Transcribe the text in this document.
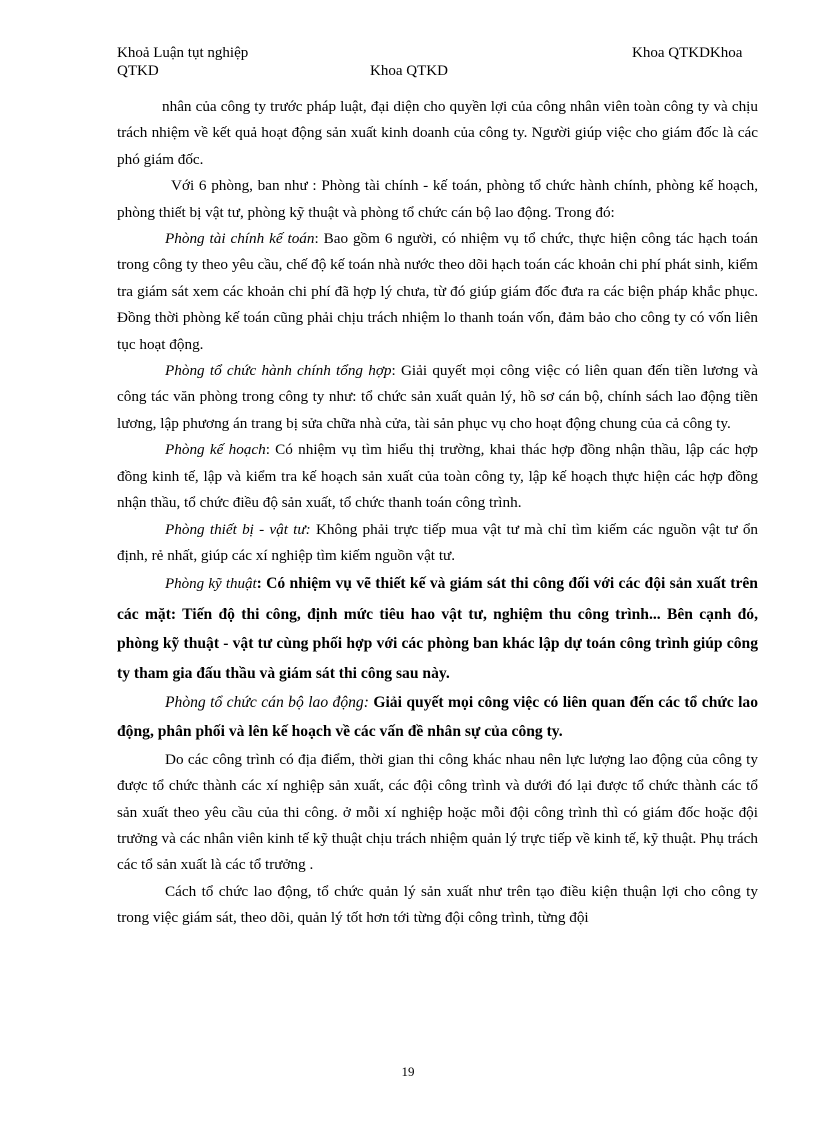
Khoả Luận tụt nghiệp
QTKD	Khoa QTKD
Khoa QTKDKhoa

nhân của công ty trước pháp luật, đại diện cho quyền lợi của công nhân viên toàn công ty và chịu trách nhiệm về kết quả hoạt động sản xuất kinh doanh của công ty. Người giúp việc cho giám đốc là các phó giám đốc.

Với 6 phòng, ban như : Phòng tài chính - kế toán, phòng tổ chức hành chính, phòng kế hoạch, phòng thiết bị vật tư, phòng kỹ thuật và phòng tổ chức cán bộ lao động. Trong đó:

Phòng tài chính kế toán: Bao gồm 6 người, có nhiệm vụ tổ chức, thực hiện công tác hạch toán trong công ty theo yêu cầu, chế độ kế toán nhà nước theo dõi hạch toán các khoản chi phí phát sinh, kiểm tra giám sát xem các khoản chi phí đã hợp lý chưa, từ đó giúp giám đốc đưa ra các biện pháp khắc phục. Đồng thời phòng kế toán cũng phải chịu trách nhiệm lo thanh toán vốn, đảm bảo cho công ty có vốn liên tục hoạt động.

Phòng tổ chức hành chính tổng hợp: Giải quyết mọi công việc có liên quan đến tiền lương và công tác văn phòng trong công ty như: tổ chức sản xuất quản lý, hồ sơ cán bộ, chính sách lao động tiền lương, lập phương án trang bị sửa chữa nhà cửa, tài sản phục vụ cho hoạt động chung của cả công ty.

Phòng kế hoạch: Có nhiệm vụ tìm hiểu thị trường, khai thác hợp đồng nhận thầu, lập các hợp đồng kinh tế, lập và kiểm tra kế hoạch sản xuất của toàn công ty, lập kế hoạch thực hiện các hợp đồng nhận thầu, tổ chức điều độ sản xuất, tổ chức thanh toán công trình.

Phòng thiết bị - vật tư: Không phải trực tiếp mua vật tư mà chỉ tìm kiếm các nguồn vật tư ổn định, rẻ nhất, giúp các xí nghiệp tìm kiếm nguồn vật tư.

Phòng kỹ thuật: Có nhiệm vụ vẽ thiết kế và giám sát thi công đối với các đội sản xuất trên các mặt: Tiến độ thi công, định mức tiêu hao vật tư, nghiệm thu công trình... Bên cạnh đó, phòng kỹ thuật - vật tư cùng phối hợp với các phòng ban khác lập dự toán công trình giúp công ty tham gia đấu thầu và giám sát thi công sau này.

Phòng tổ chức cán bộ lao động: Giải quyết mọi công việc có liên quan đến các tổ chức lao động, phân phối và lên kế hoạch về các vấn đề nhân sự của công ty.

Do các công trình có địa điểm, thời gian thi công khác nhau nên lực lượng lao động của công ty được tổ chức thành các xí nghiệp sản xuất, các đội công trình và dưới đó lại được tổ chức thành các tổ sản xuất theo yêu cầu của thi công. ở mỗi xí nghiệp hoặc mỗi đội công trình thì có giám đốc hoặc đội trưởng và các nhân viên kinh tế kỹ thuật chịu trách nhiệm quản lý trực tiếp về kinh tế, kỹ thuật. Phụ trách các tổ sản xuất là các tổ trưởng .

Cách tổ chức lao động, tổ chức quản lý sản xuất như trên tạo điều kiện thuận lợi cho công ty trong việc giám sát, theo dõi, quản lý tốt hơn tới từng đội công trình, từng đội

19
